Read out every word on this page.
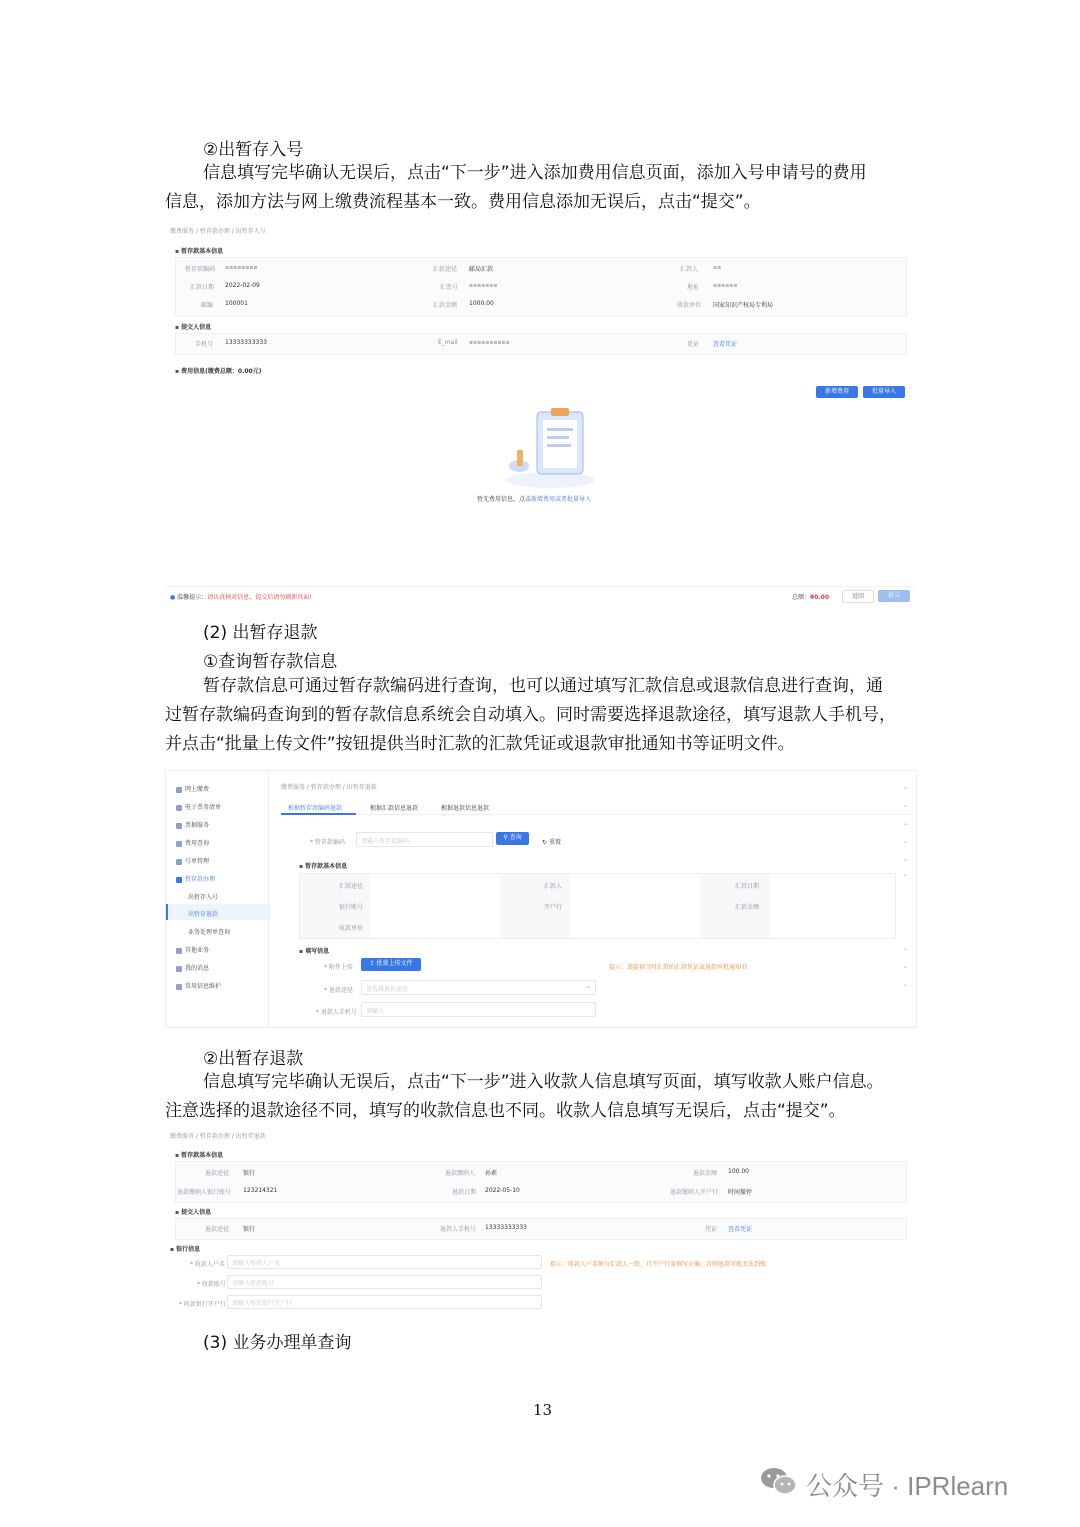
②出暂存入号
信息填写完毕确认无误后，点击“下一步”进入添加费用信息页面，添加入号申请号的费用
信息，添加方法与网上缴费流程基本一致。费用信息添加无误后，点击“提交”。
缴费服务 / 暂存款办理 / 出暂存入号
▪ 暂存款基本信息
暂存款编码 ▪▪▪▪▪▪▪▪	汇款途径 邮局汇款	汇款人 ▪▪
汇款日期 2022-02-09	汇票号 ▪▪▪▪▪▪▪	地址 ▪▪▪▪▪▪
邮编 100001	汇款金额 1000.00	收款单位 国家知识产权局专利局
▪ 提交人信息
手机号 13333333333	E_mail ▪▪▪▪▪▪▪▪▪▪	凭证 查看凭证
▪ 费用信息(缴费总额：0.00元)
新增费用	批量导入
暂无费用信息，点击新增费用或者批量导入
● 温馨提示：请认真核对信息，提交后请勿刷新页面!	总额：¥0.00	返回	提交
(2) 出暂存退款
①查询暂存款信息
暂存款信息可通过暂存款编码进行查询，也可以通过填写汇款信息或退款信息进行查询，通
过暂存款编码查询到的暂存款信息系统会自动填入。同时需要选择退款途径，填写退款人手机号，
并点击“批量上传文件”按钮提供当时汇款的汇款凭证或退款审批通知书等证明文件。
网上缴费	⌄
电子票务清单	⌄
票据服务	⌄
费用查询	⌄
号单管理	⌄
暂存款办理	⌃
出暂存入号
出暂存退款
业务处理单查询
其他业务	⌄
我的消息	⌄
常用信息维护	⌄
缴费服务 / 暂存款办理 / 出暂存退款
根据暂存款编码退款	根据汇款信息退款	根据退款信息退款
* 暂存款编码	请输入暂存款编码
⚲ 查询
↻ 重置
▪ 暂存款基本信息
汇款途径	汇款人	汇款日期
银行账号	开户行	汇款金额
收款单位
▪ 填写信息
* 附件上传
⇪ 批量上传文件
提示：请提供当时汇款的汇款凭证或退款审批通知书
* 退款途径 请选择退款途径	⌄
* 退款人手机号 请输入
②出暂存退款
信息填写完毕确认无误后，点击“下一步”进入收款人信息填写页面，填写收款人账户信息。
注意选择的退款途径不同，填写的收款信息也不同。收款人信息填写无误后，点击“提交”。
缴费服务 / 暂存款办理 / 出暂存退款
▪ 暂存款基本信息
退款途径 银行	退款缴纳人 孙素	退款金额 100.00
退款缴纳人银行账号 123214321	退款日期 2022-05-10	退款缴纳人开户行 时间撤停
▪ 提交人信息
退款途径 银行	退款人手机号 13333333333	凭证 查看凭证
▪ 银行信息
* 收款人户名 请输入收款人户名	提示：收款人户名须与汇款人一致，且开户行需填写正确，否则退款可能无法到账
* 收款账号 请输入收款账号
* 收款银行开户行 请输入收款银行开户行
(3) 业务办理单查询
13
公众号 · IPRlearn
